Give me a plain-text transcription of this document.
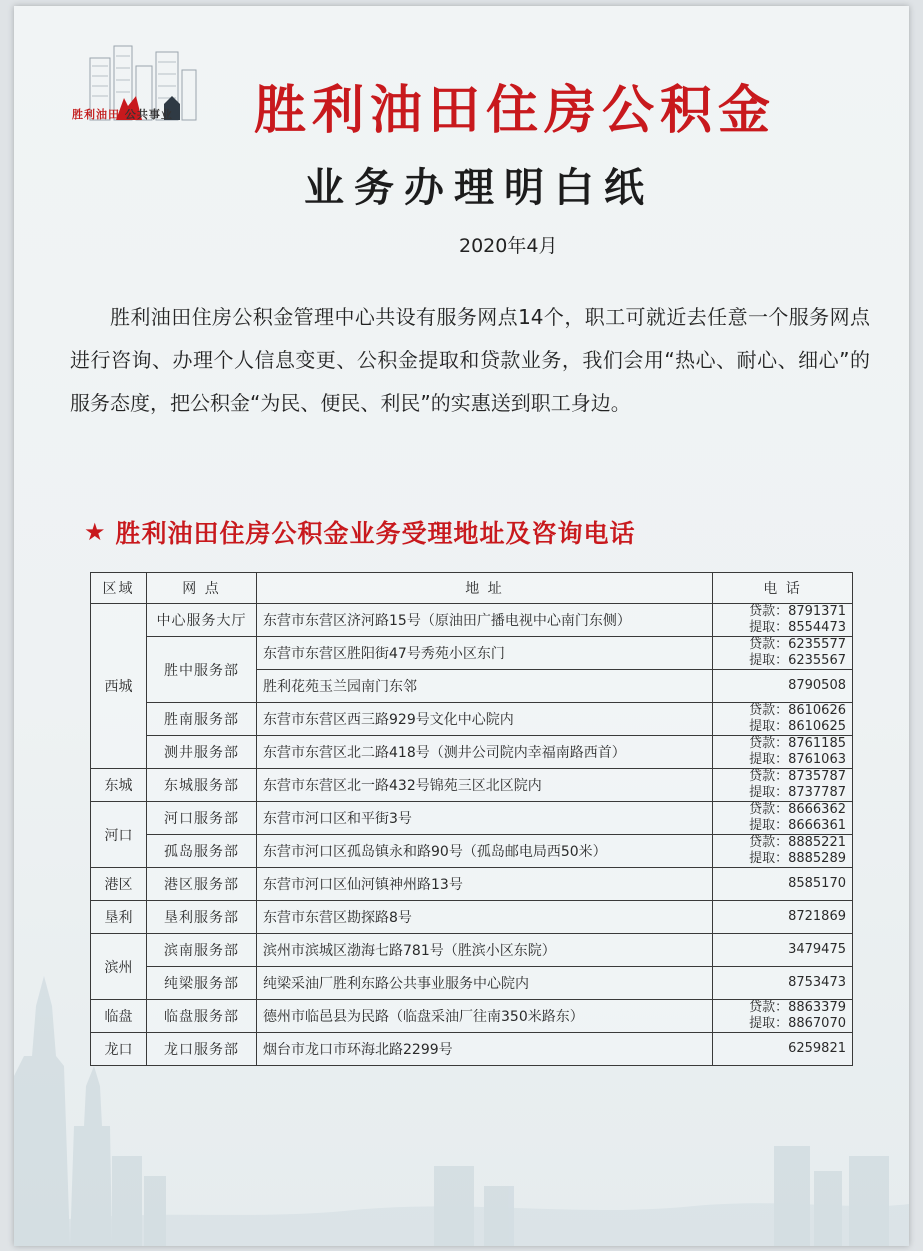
胜利油田 公共事业 胜利油田住房公积金
业务办理明白纸
2020年4月
胜利油田住房公积金管理中心共设有服务网点14个，职工可就近去任意一个服务网点进行咨询、办理个人信息变更、公积金提取和贷款业务，我们会用“热心、耐心、细心”的服务态度，把公积金“为民、便民、利民”的实惠送到职工身边。
★ 胜利油田住房公积金业务受理地址及咨询电话
区域	网 点	地 址	电 话
西城	中心服务大厅	东营市东营区济河路15号（原油田广播电视中心南门东侧）	贷款：8791371
提取：8554473

	胜中服务部	东营市东营区胜阳街47号秀苑小区东门	贷款：6235577
提取：6235567

		胜利花苑玉兰园南门东邻	8790508

	胜南服务部	东营市东营区西三路929号文化中心院内	贷款：8610626
提取：8610625

	测井服务部	东营市东营区北二路418号（测井公司院内幸福南路西首）	贷款：8761185
提取：8761063

东城	东城服务部	东营市东营区北一路432号锦苑三区北区院内	贷款：8735787
提取：8737787

河口	河口服务部	东营市河口区和平街3号	贷款：8666362
提取：8666361

	孤岛服务部	东营市河口区孤岛镇永和路90号（孤岛邮电局西50米）	贷款：8885221
提取：8885289

港区	港区服务部	东营市河口区仙河镇神州路13号	8585170

垦利	垦利服务部	东营市东营区勘探路8号	8721869

滨州	滨南服务部	滨州市滨城区渤海七路781号（胜滨小区东院）	3479475

	纯梁服务部	纯梁采油厂胜利东路公共事业服务中心院内	8753473

临盘	临盘服务部	德州市临邑县为民路（临盘采油厂往南350米路东）	贷款：8863379
提取：8867070

龙口	龙口服务部	烟台市龙口市环海北路2299号	6259821
